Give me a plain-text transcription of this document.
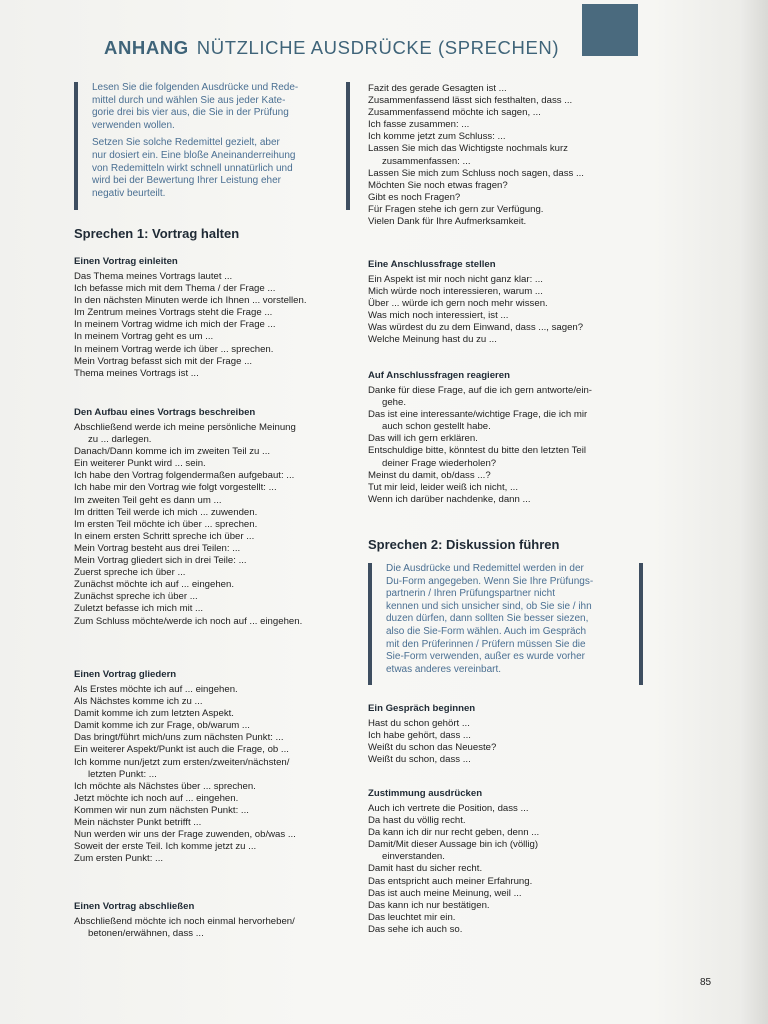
ANHANG NÜTZLICHE AUSDRÜCKE (SPRECHEN)

Lesen Sie die folgenden Ausdrücke und Rede-
mittel durch und wählen Sie aus jeder Kate-
gorie drei bis vier aus, die Sie in der Prüfung
verwenden wollen.

Setzen Sie solche Redemittel gezielt, aber
nur dosiert ein. Eine bloße Aneinanderreihung
von Redemitteln wirkt schnell unnatürlich und
wird bei der Bewertung Ihrer Leistung eher
negativ beurteilt.

Sprechen 1: Vortrag halten
Einen Vortrag einleiten
Das Thema meines Vortrags lautet ...
Ich befasse mich mit dem Thema / der Frage ...
In den nächsten Minuten werde ich Ihnen ... vorstellen.
Im Zentrum meines Vortrags steht die Frage ...
In meinem Vortrag widme ich mich der Frage ...
In meinem Vortrag geht es um ...
In meinem Vortrag werde ich über ... sprechen.
Mein Vortrag befasst sich mit der Frage ...
Thema meines Vortrags ist ...
Den Aufbau eines Vortrags beschreiben
Abschließend werde ich meine persönliche Meinung
zu ... darlegen.
Danach/Dann komme ich im zweiten Teil zu ...
Ein weiterer Punkt wird ... sein.
Ich habe den Vortrag folgendermaßen aufgebaut: ...
Ich habe mir den Vortrag wie folgt vorgestellt: ...
Im zweiten Teil geht es dann um ...
Im dritten Teil werde ich mich ... zuwenden.
Im ersten Teil möchte ich über ... sprechen.
In einem ersten Schritt spreche ich über ...
Mein Vortrag besteht aus drei Teilen: ...
Mein Vortrag gliedert sich in drei Teile: ...
Zuerst spreche ich über ...
Zunächst möchte ich auf ... eingehen.
Zunächst spreche ich über ...
Zuletzt befasse ich mich mit ...
Zum Schluss möchte/werde ich noch auf ... eingehen.
Einen Vortrag gliedern
Als Erstes möchte ich auf ... eingehen.
Als Nächstes komme ich zu ...
Damit komme ich zum letzten Aspekt.
Damit komme ich zur Frage, ob/warum ...
Das bringt/führt mich/uns zum nächsten Punkt: ...
Ein weiterer Aspekt/Punkt ist auch die Frage, ob ...
Ich komme nun/jetzt zum ersten/zweiten/nächsten/
letzten Punkt: ...
Ich möchte als Nächstes über ... sprechen.
Jetzt möchte ich noch auf ... eingehen.
Kommen wir nun zum nächsten Punkt: ...
Mein nächster Punkt betrifft ...
Nun werden wir uns der Frage zuwenden, ob/was ...
Soweit der erste Teil. Ich komme jetzt zu ...
Zum ersten Punkt: ...
Einen Vortrag abschließen
Abschließend möchte ich noch einmal hervorheben/
betonen/erwähnen, dass ...
Fazit des gerade Gesagten ist ...
Zusammenfassend lässt sich festhalten, dass ...
Zusammenfassend möchte ich sagen, ...
Ich fasse zusammen: ...
Ich komme jetzt zum Schluss: ...
Lassen Sie mich das Wichtigste nochmals kurz
zusammenfassen: ...
Lassen Sie mich zum Schluss noch sagen, dass ...
Möchten Sie noch etwas fragen?
Gibt es noch Fragen?
Für Fragen stehe ich gern zur Verfügung.
Vielen Dank für Ihre Aufmerksamkeit.
Eine Anschlussfrage stellen
Ein Aspekt ist mir noch nicht ganz klar: ...
Mich würde noch interessieren, warum ...
Über ... würde ich gern noch mehr wissen.
Was mich noch interessiert, ist ...
Was würdest du zu dem Einwand, dass ..., sagen?
Welche Meinung hast du zu ...
Auf Anschlussfragen reagieren
Danke für diese Frage, auf die ich gern antworte/ein-
gehe.
Das ist eine interessante/wichtige Frage, die ich mir
auch schon gestellt habe.
Das will ich gern erklären.
Entschuldige bitte, könntest du bitte den letzten Teil
deiner Frage wiederholen?
Meinst du damit, ob/dass ...?
Tut mir leid, leider weiß ich nicht, ...
Wenn ich darüber nachdenke, dann ...
Sprechen 2: Diskussion führen
Die Ausdrücke und Redemittel werden in der
Du-Form angegeben. Wenn Sie Ihre Prüfungs-
partnerin / Ihren Prüfungspartner nicht
kennen und sich unsicher sind, ob Sie sie / ihn
duzen dürfen, dann sollten Sie besser siezen,
also die Sie-Form wählen. Auch im Gespräch
mit den Prüferinnen / Prüfern müssen Sie die
Sie-Form verwenden, außer es wurde vorher
etwas anderes vereinbart.
Ein Gespräch beginnen
Hast du schon gehört ...
Ich habe gehört, dass ...
Weißt du schon das Neueste?
Weißt du schon, dass ...
Zustimmung ausdrücken
Auch ich vertrete die Position, dass ...
Da hast du völlig recht.
Da kann ich dir nur recht geben, denn ...
Damit/Mit dieser Aussage bin ich (völlig)
einverstanden.
Damit hast du sicher recht.
Das entspricht auch meiner Erfahrung.
Das ist auch meine Meinung, weil ...
Das kann ich nur bestätigen.
Das leuchtet mir ein.
Das sehe ich auch so.
85
